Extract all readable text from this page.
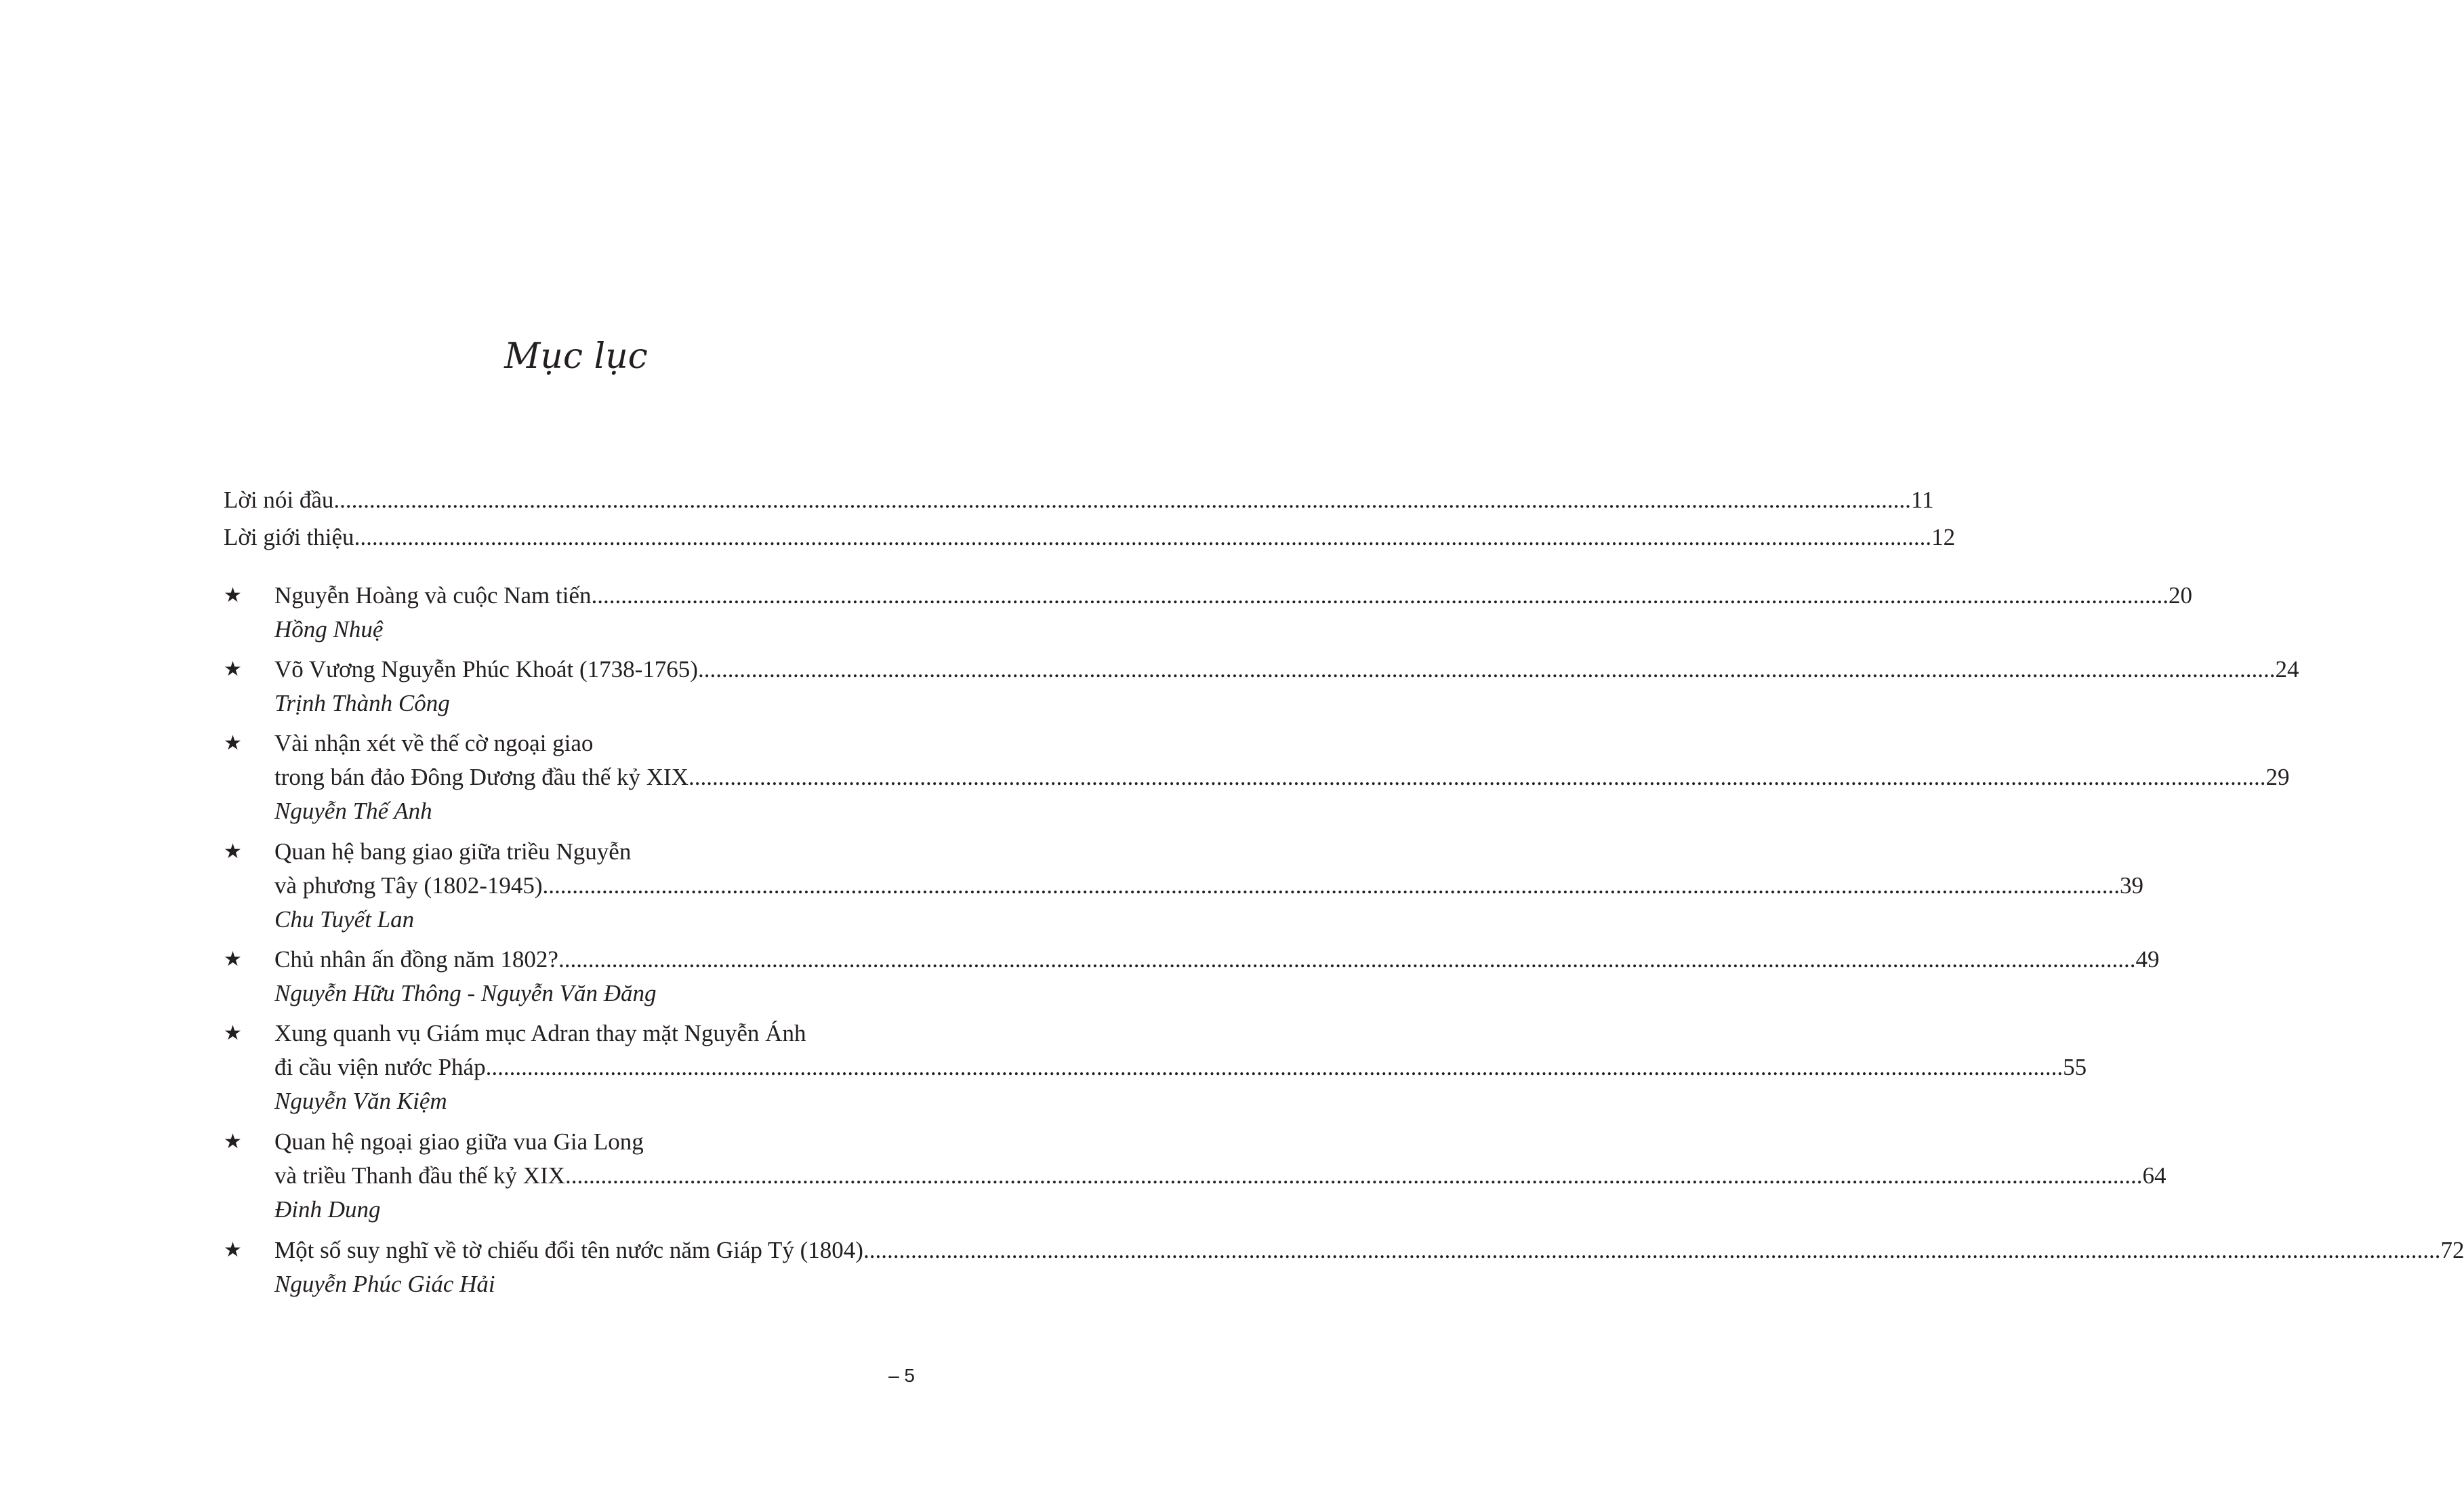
Mục lục
Lời nói đầu .......................................................................................................................................................................................................................................................................... 11
Lời giới thiệu .......................................................................................................................................................................................................................................................................... 12
★	Nguyễn Hoàng và cuộc Nam tiến .......................................................................................................................................................................................................................................................................... 20
Hồng Nhuệ
★	Võ Vương Nguyễn Phúc Khoát (1738-1765) .......................................................................................................................................................................................................................................................................... 24
Trịnh Thành Công
★	Vài nhận xét về thế cờ ngoại giao
trong bán đảo Đông Dương đầu thế kỷ XIX .......................................................................................................................................................................................................................................................................... 29
Nguyễn Thế Anh
★	Quan hệ bang giao giữa triều Nguyễn
và phương Tây (1802-1945) .......................................................................................................................................................................................................................................................................... 39
Chu Tuyết Lan
★	Chủ nhân ấn đồng năm 1802? .......................................................................................................................................................................................................................................................................... 49
Nguyễn Hữu Thông - Nguyễn Văn Đăng
★	Xung quanh vụ Giám mục Adran thay mặt Nguyễn Ánh
đi cầu viện nước Pháp .......................................................................................................................................................................................................................................................................... 55
Nguyễn Văn Kiệm
★	Quan hệ ngoại giao giữa vua Gia Long
và triều Thanh đầu thế kỷ XIX .......................................................................................................................................................................................................................................................................... 64
Đinh Dung
★	Một số suy nghĩ về tờ chiếu đổi tên nước năm Giáp Tý (1804) .......................................................................................................................................................................................................................................................................... 72
Nguyễn Phúc Giác Hải
– 5
